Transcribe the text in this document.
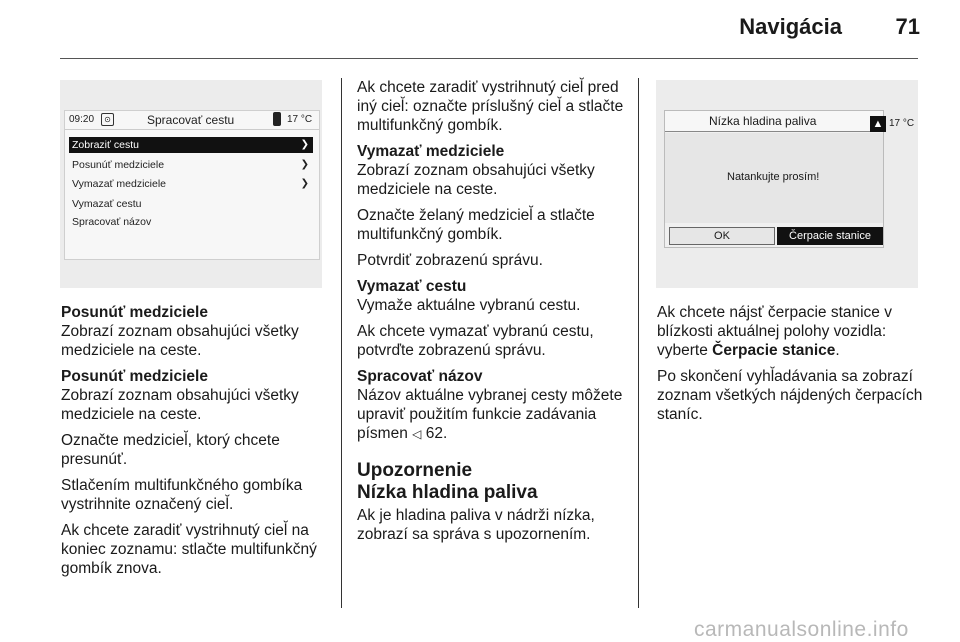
Navigácia 71
09:20	⊙	Spracovať cestu	17 °C
Zobraziť cestu	❯
Posunúť medziciele	❯
Vymazať medziciele	❯
Vymazať cestu
Spracovať názov

Posunúť medziciele
Zobrazí zoznam obsahujúci všetky medziciele na ceste.

Posunúť medziciele
Zobrazí zoznam obsahujúci všetky medziciele na ceste.

Označte medziciel̆, ktorý chcete presunúť.

Stlačením multifunkčného gombíka vystrihnite označený ciel̆.

Ak chcete zaradiť vystrihnutý ciel̆ na koniec zoznamu: stlačte multifunkčný gombík znova.

Ak chcete zaradiť vystrihnutý ciel̆ pred iný ciel̆: označte príslušný ciel̆ a stlačte multifunkčný gombík.

Vymazať medziciele
Zobrazí zoznam obsahujúci všetky medziciele na ceste.

Označte želaný medziciel̆ a stlačte multifunkčný gombík.

Potvrdiť zobrazenú správu.

Vymazať cestu
Vymaže aktuálne vybranú cestu.

Ak chcete vymazať vybranú cestu, potvrďte zobrazenú správu.

Spracovať názov
Názov aktuálne vybranej cesty môžete upraviť použitím funkcie zadávania písmen ◁ 62.

Upozornenie
Nízka hladina paliva

Ak je hladina paliva v nádrži nízka, zobrazí sa správa s upozornením.

Nízka hladina paliva
Natankujte prosím!
OK	Čerpacie stanice
▲ 17 °C

Ak chcete nájsť čerpacie stanice v blízkosti aktuálnej polohy vozidla: vyberte Čerpacie stanice.

Po skončení vyhl̆adávania sa zobrazí zoznam všetkých nájdených čerpacích staníc.

carmanualsonline.info
